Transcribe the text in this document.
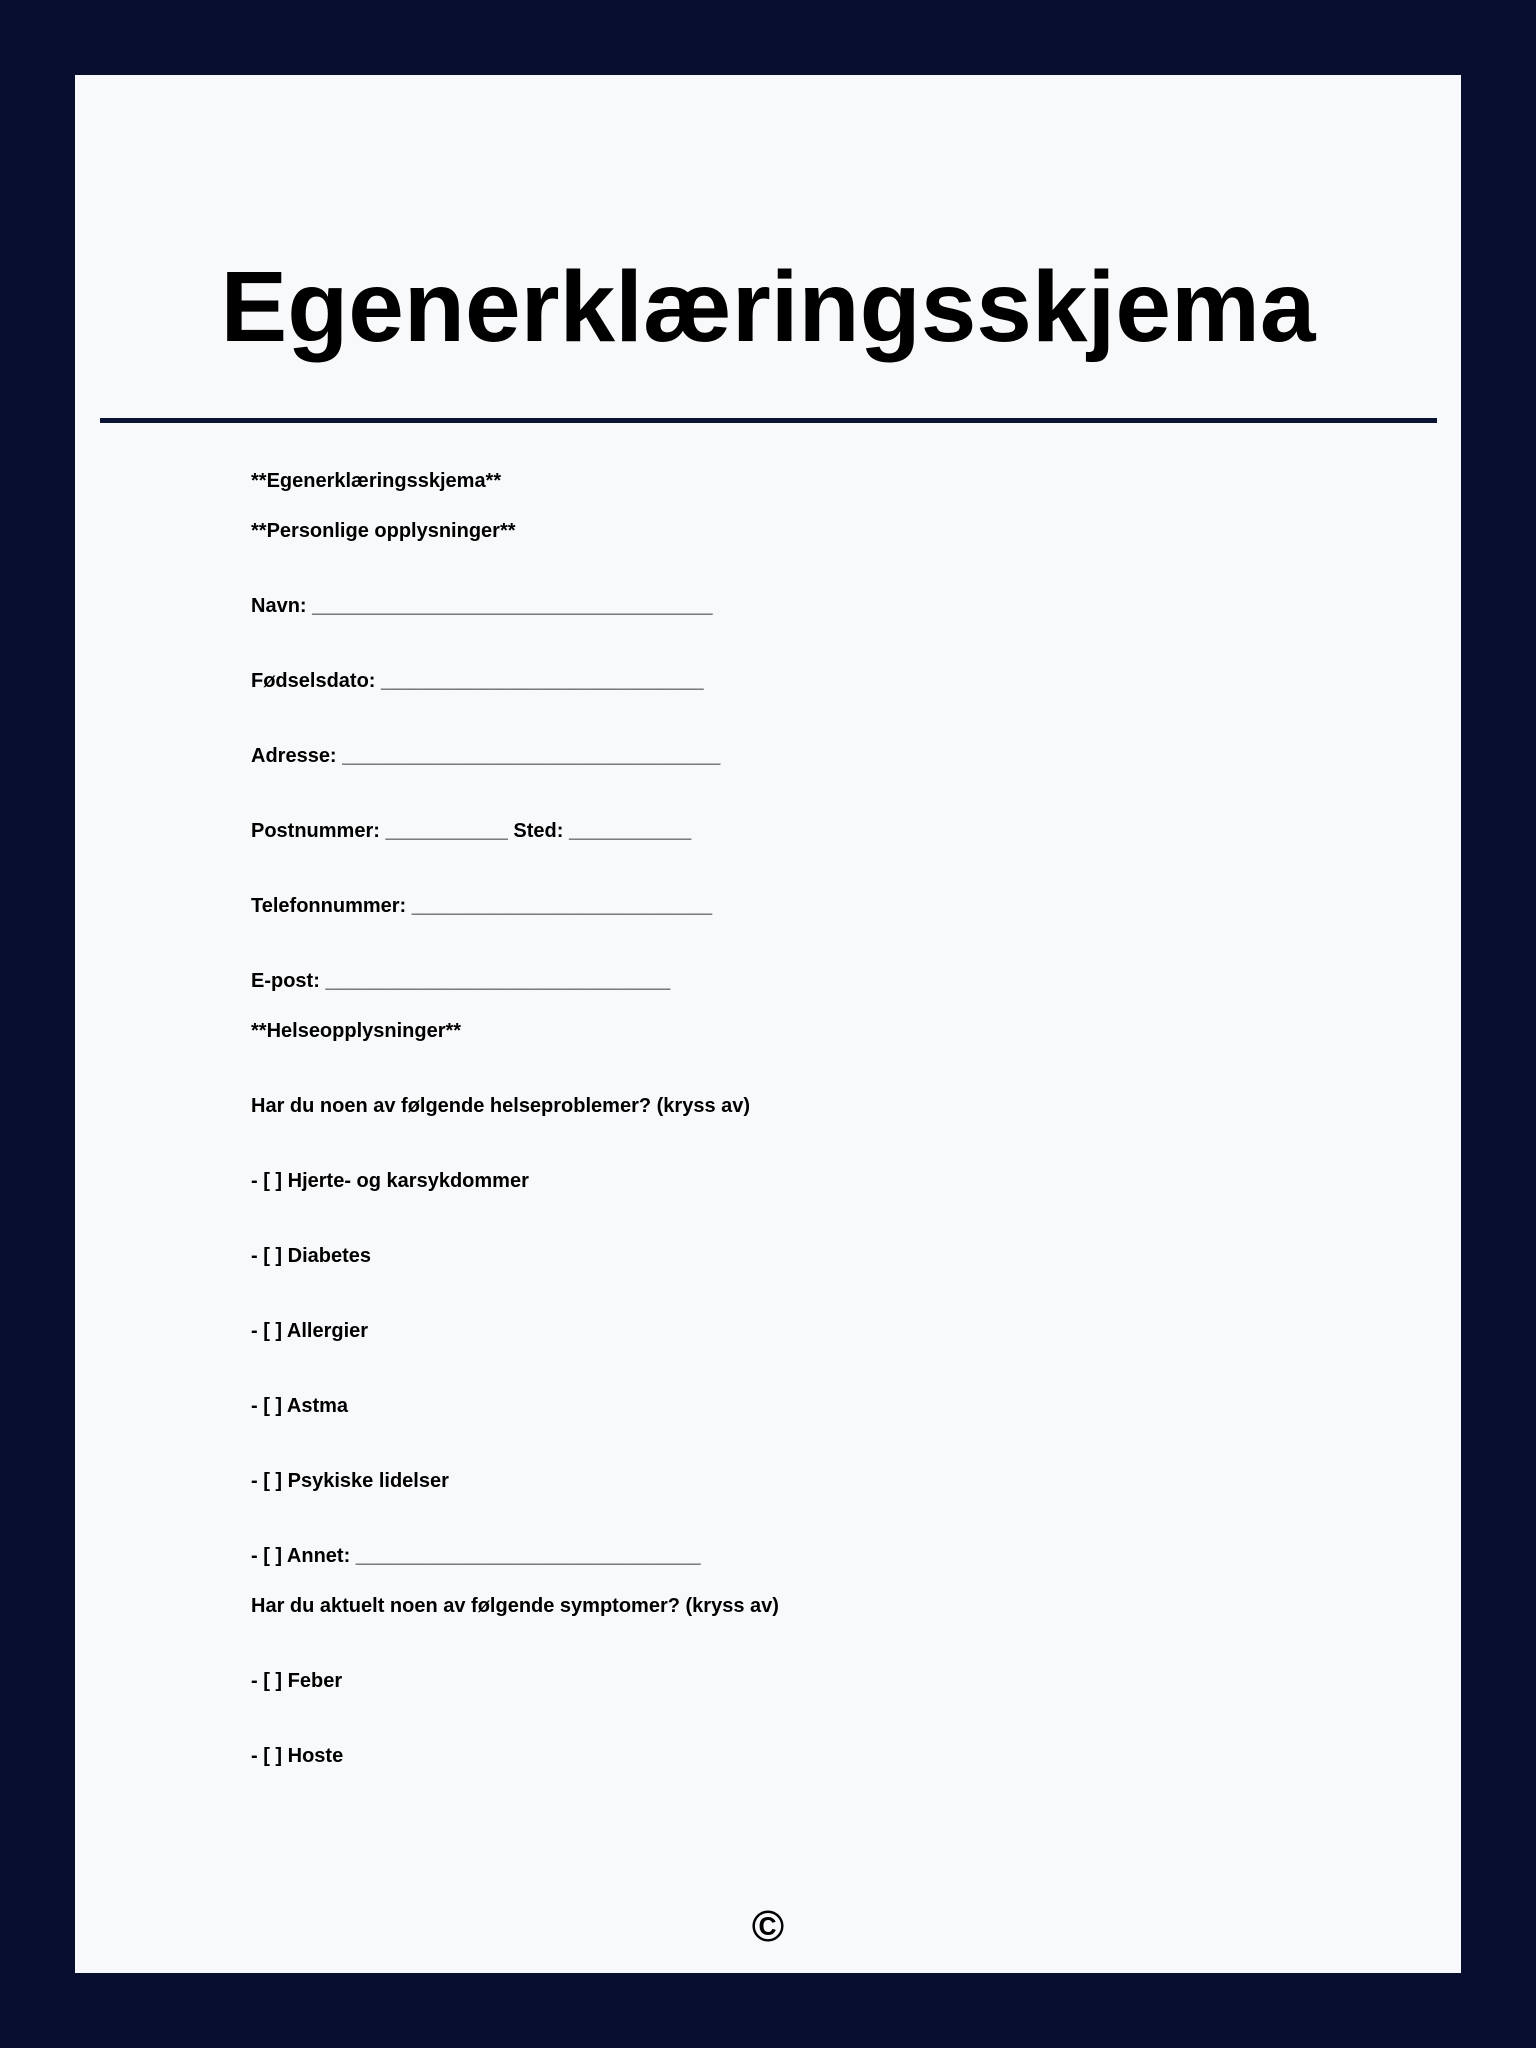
Egenerklæringsskjema
**Egenerklæringsskjema**
**Personlige opplysninger**
Navn: ____________________________________
Fødselsdato: _____________________________
Adresse: __________________________________
Postnummer: ___________ Sted: ___________
Telefonnummer: ___________________________
E-post: _______________________________
**Helseopplysninger**
Har du noen av følgende helseproblemer? (kryss av)
- [ ] Hjerte- og karsykdommer
- [ ] Diabetes
- [ ] Allergier
- [ ] Astma
- [ ] Psykiske lidelser
- [ ] Annet: _______________________________
Har du aktuelt noen av følgende symptomer? (kryss av)
- [ ] Feber
- [ ] Hoste
©
